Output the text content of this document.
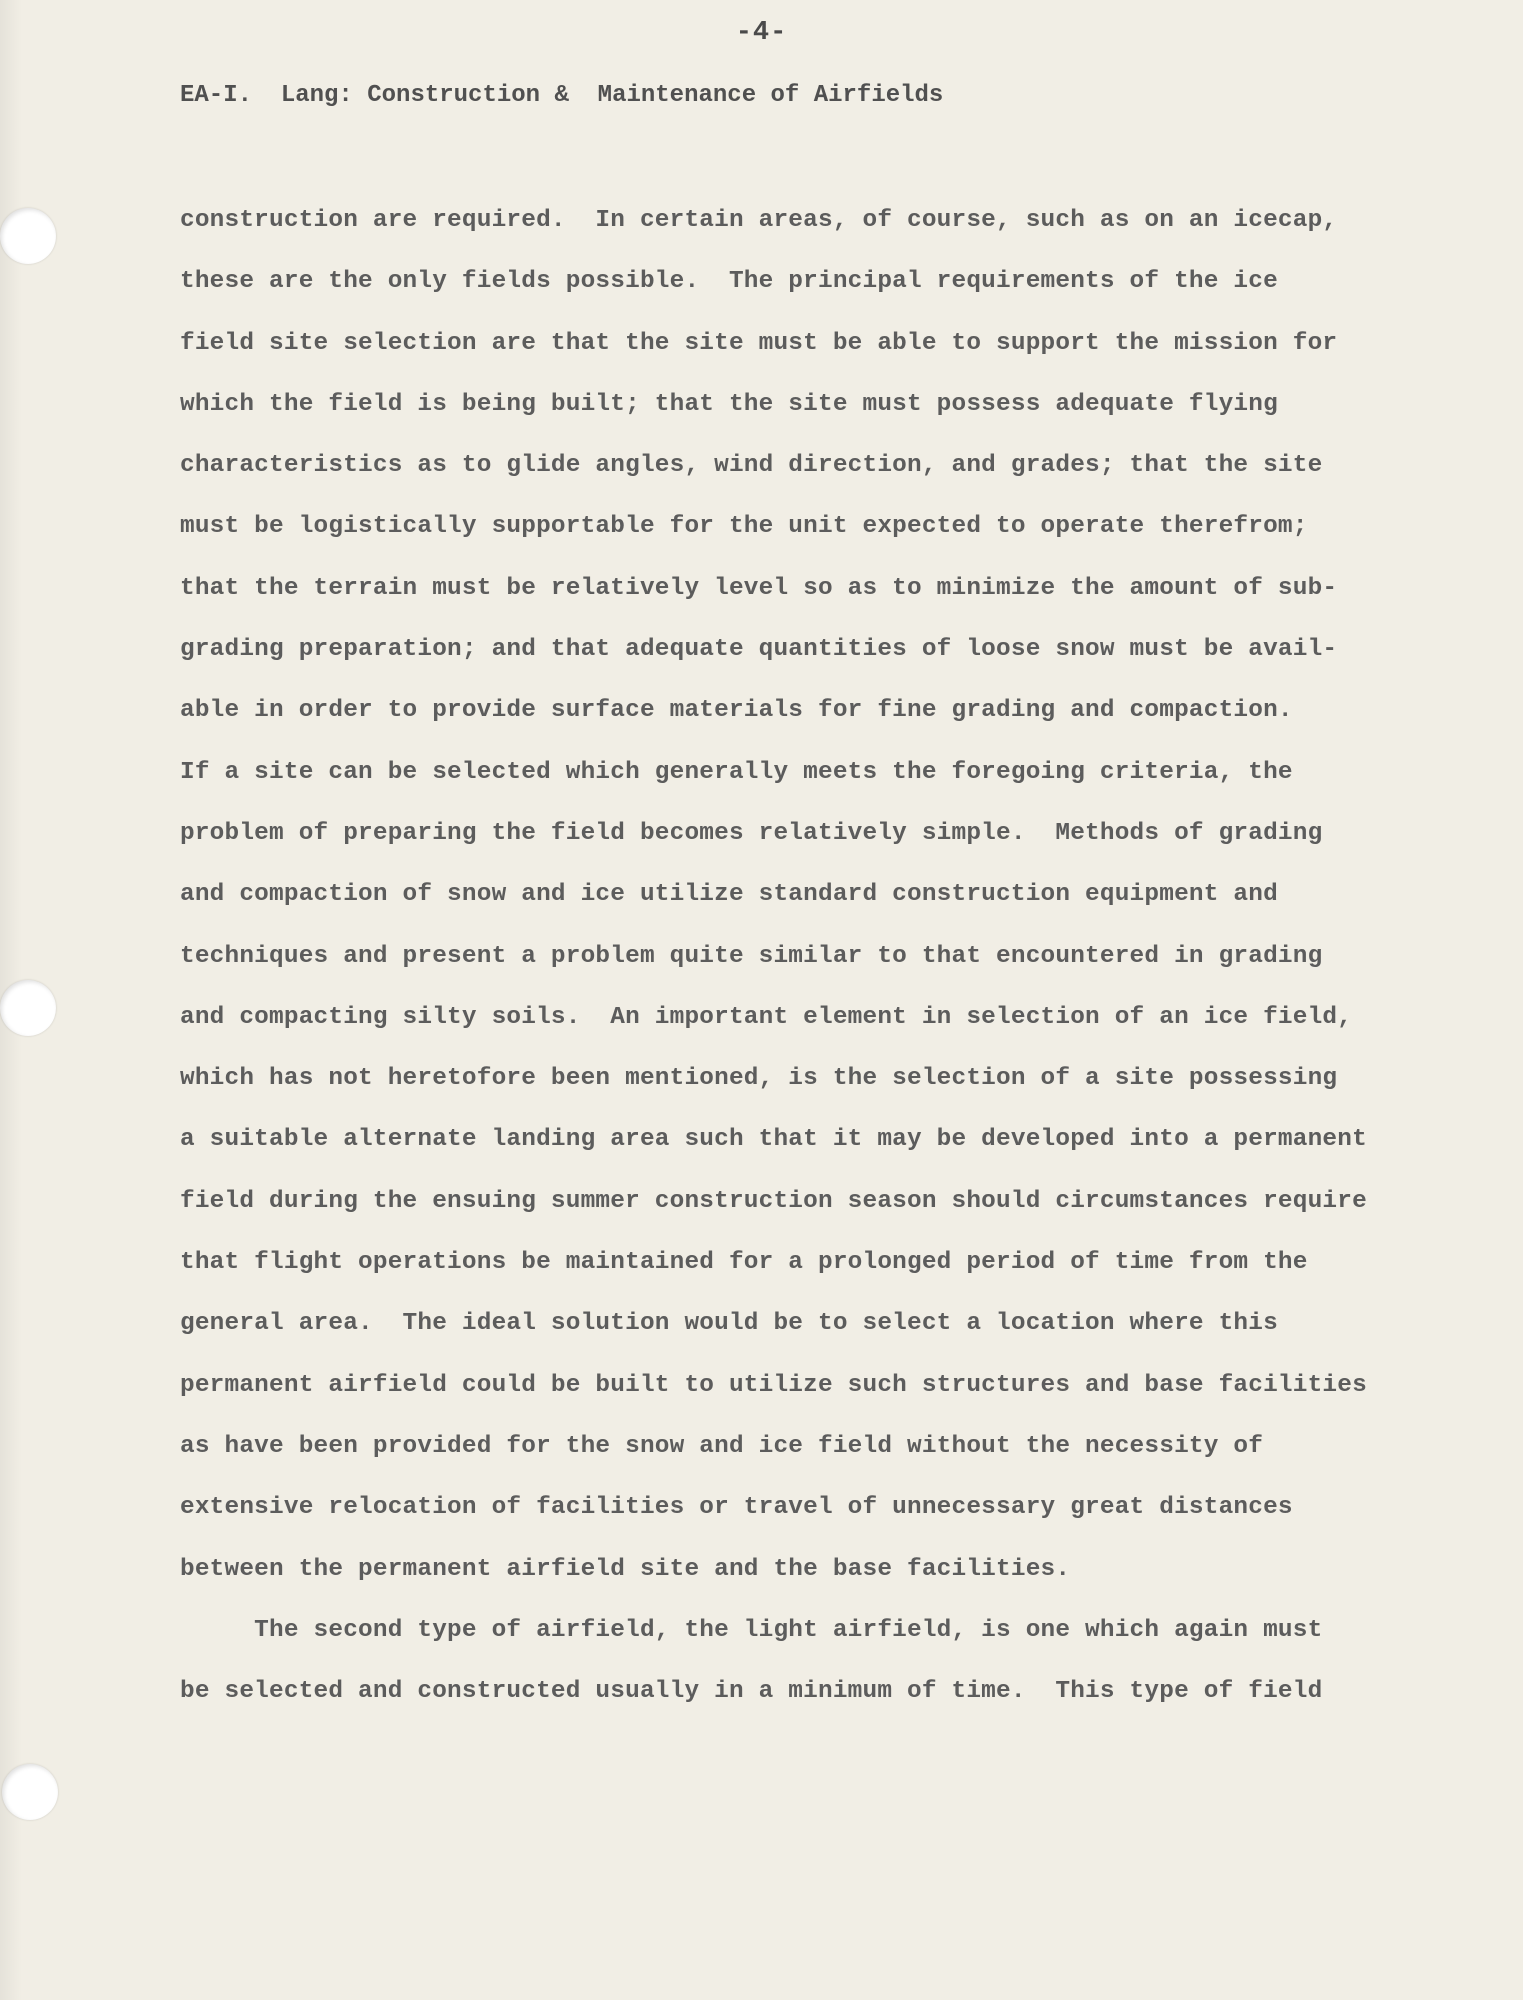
-4-
EA-I.  Lang: Construction &  Maintenance of Airfields
construction are required.  In certain areas, of course, such as on an icecap,
these are the only fields possible.  The principal requirements of the ice
field site selection are that the site must be able to support the mission for
which the field is being built; that the site must possess adequate flying
characteristics as to glide angles, wind direction, and grades; that the site
must be logistically supportable for the unit expected to operate therefrom;
that the terrain must be relatively level so as to minimize the amount of sub-
grading preparation; and that adequate quantities of loose snow must be avail-
able in order to provide surface materials for fine grading and compaction.
If a site can be selected which generally meets the foregoing criteria, the
problem of preparing the field becomes relatively simple.  Methods of grading
and compaction of snow and ice utilize standard construction equipment and
techniques and present a problem quite similar to that encountered in grading
and compacting silty soils.  An important element in selection of an ice field,
which has not heretofore been mentioned, is the selection of a site possessing
a suitable alternate landing area such that it may be developed into a permanent
field during the ensuing summer construction season should circumstances require
that flight operations be maintained for a prolonged period of time from the
general area.  The ideal solution would be to select a location where this
permanent airfield could be built to utilize such structures and base facilities
as have been provided for the snow and ice field without the necessity of
extensive relocation of facilities or travel of unnecessary great distances
between the permanent airfield site and the base facilities.
The second type of airfield, the light airfield, is one which again must
be selected and constructed usually in a minimum of time.  This type of field
